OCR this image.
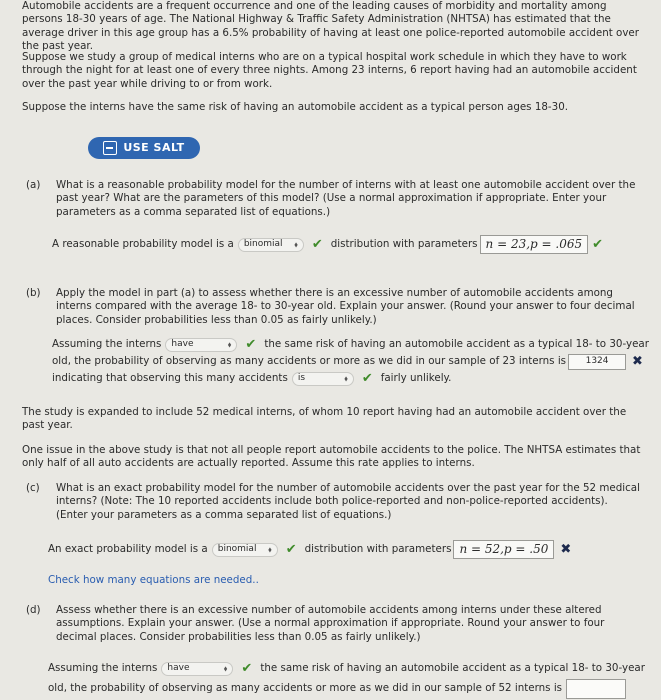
Automobile accidents are a frequent occurrence and one of the leading causes of morbidity and mortality among persons 18-30 years of age. The National Highway & Traffic Safety Administration (NHTSA) has estimated that the average driver in this age group has a 6.5% probability of having at least one police-reported automobile accident over the past year.
Suppose we study a group of medical interns who are on a typical hospital work schedule in which they have to work through the night for at least one of every three nights. Among 23 interns, 6 report having had an automobile accident over the past year while driving to or from work.
Suppose the interns have the same risk of having an automobile accident as a typical person ages 18-30.
USE SALT
(a) What is a reasonable probability model for the number of interns with at least one automobile accident over the past year? What are the parameters of this model? (Use a normal approximation if appropriate. Enter your parameters as a comma separated list of equations.)
A reasonable probability model is a binomial ⬧ ✔ distribution with parameters n = 23,p = .065 ✔
(b) Apply the model in part (a) to assess whether there is an excessive number of automobile accidents among interns compared with the average 18- to 30-year old. Explain your answer. (Round your answer to four decimal places. Consider probabilities less than 0.05 as fairly unlikely.)
Assuming the interns have	⬧ ✔ the same risk of having an automobile accident as a typical 18- to 30-year
old, the probability of observing as many accidents or more as we did in our sample of 23 interns is	1324	✖
indicating that observing this many accidents is	⬧ ✔ fairly unlikely.
The study is expanded to include 52 medical interns, of whom 10 report having had an automobile accident over the past year.
One issue in the above study is that not all people report automobile accidents to the police. The NHTSA estimates that only half of all auto accidents are actually reported. Assume this rate applies to interns.
(c) What is an exact probability model for the number of automobile accidents over the past year for the 52 medical interns? (Note: The 10 reported accidents include both police-reported and non-police-reported accidents). (Enter your parameters as a comma separated list of equations.)
An exact probability model is a binomial ⬧ ✔ distribution with parameters n = 52,p = .50 ✖
Check how many equations are needed..
(d) Assess whether there is an excessive number of automobile accidents among interns under these altered assumptions. Explain your answer. (Use a normal approximation if appropriate. Round your answer to four decimal places. Consider probabilities less than 0.05 as fairly unlikely.)
Assuming the interns have	⬧ ✔ the same risk of having an automobile accident as a typical 18- to 30-year
old, the probability of observing as many accidents or more as we did in our sample of 52 interns is
